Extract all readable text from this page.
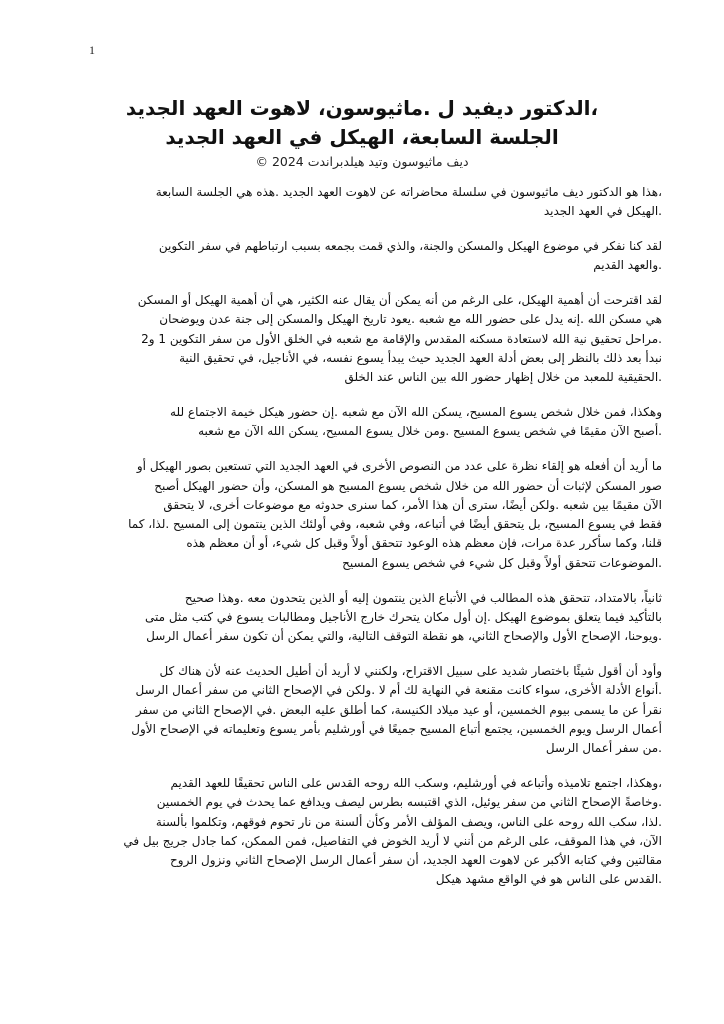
1

،الدكتور ديفيد ل .ماثيوسون، لاهوت العهد الجديد

الجلسة السابعة، الهيكل في العهد الجديد

ديف ماثيوسون وتيد هيلدبراندت 2024 ©

،هذا هو الدكتور ديف ماثيوسون في سلسلة محاضراته عن لاهوت العهد الجديد .هذه هي الجلسة السابعة
.الهيكل في العهد الجديد

لقد كنا نفكر في موضوع الهيكل والمسكن والجنة، والذي قمت بجمعه بسبب ارتباطهم في سفر التكوين
.والعهد القديم

لقد اقترحت أن أهمية الهيكل، على الرغم من أنه يمكن أن يقال عنه الكثير، هي أن أهمية الهيكل أو المسكن
هي مسكن الله .إنه يدل على حضور الله مع شعبه .يعود تاريخ الهيكل والمسكن إلى جنة عدن ويوضحان
.مراحل تحقيق نية الله لاستعادة مسكنه المقدس والإقامة مع شعبه في الخلق الأول من سفر التكوين 1 و2
نبدأ بعد ذلك بالنظر إلى بعض أدلة العهد الجديد حيث يبدأ يسوع نفسه، في الأناجيل، في تحقيق النية
.الحقيقية للمعبد من خلال إظهار حضور الله بين الناس عند الخلق

وهكذا، فمن خلال شخص يسوع المسيح، يسكن الله الآن مع شعبه .إن حضور هيكل خيمة الاجتماع لله
.أصبح الآن مقيمًا في شخص يسوع المسيح .ومن خلال يسوع المسيح، يسكن الله الآن مع شعبه

ما أريد أن أفعله هو إلقاء نظرة على عدد من النصوص الأخرى في العهد الجديد التي تستعين بصور الهيكل أو
صور المسكن لإثبات أن حضور الله من خلال شخص يسوع المسيح هو المسكن، وأن حضور الهيكل أصبح
الآن مقيمًا بين شعبه .ولكن أيضًا، سترى أن هذا الأمر، كما سنرى حدوثه مع موضوعات أخرى، لا يتحقق
فقط في يسوع المسيح، بل يتحقق أيضًا في أتباعه، وفي شعبه، وفي أولئك الذين ينتمون إلى المسيح .لذا، كما
قلنا، وكما سأكرر عدة مرات، فإن معظم هذه الوعود تتحقق أولاً وقبل كل شيء، أو أن معظم هذه
.الموضوعات تتحقق أولاً وقبل كل شيء في شخص يسوع المسيح

ثانياً، بالامتداد، تتحقق هذه المطالب في الأتباع الذين ينتمون إليه أو الذين يتحدون معه .وهذا صحيح
بالتأكيد فيما يتعلق بموضوع الهيكل .إن أول مكان يتحرك خارج الأناجيل ومطالبات يسوع في كتب مثل متى
.ويوحنا، الإصحاح الأول والإصحاح الثاني، هو نقطة التوقف التالية، والتي يمكن أن تكون سفر أعمال الرسل

وأود أن أقول شيئًا باختصار شديد على سبيل الاقتراح، ولكنني لا أريد أن أطيل الحديث عنه لأن هناك كل
.أنواع الأدلة الأخرى، سواء كانت مقنعة في النهاية لك أم لا .ولكن في الإصحاح الثاني من سفر أعمال الرسل
نقرأ عن ما يسمى بيوم الخمسين، أو عيد ميلاد الكنيسة، كما أطلق عليه البعض .في الإصحاح الثاني من سفر
أعمال الرسل ويوم الخمسين، يجتمع أتباع المسيح جميعًا في أورشليم بأمر يسوع وتعليماته في الإصحاح الأول
.من سفر أعمال الرسل

،وهكذا، اجتمع تلاميذه وأتباعه في أورشليم، وسكب الله روحه القدس على الناس تحقيقًا للعهد القديم
.وخاصةً الإصحاح الثاني من سفر يوئيل، الذي اقتبسه بطرس ليصف ويدافع عما يحدث في يوم الخمسين
.لذا، سكب الله روحه على الناس، ويصف المؤلف الأمر وكأن ألسنة من نار تحوم فوقهم، وتكلموا بألسنة
الآن، في هذا الموقف، على الرغم من أنني لا أريد الخوض في التفاصيل، فمن الممكن، كما جادل جريج بيل في
مقالتين وفي كتابه الأكبر عن لاهوت العهد الجديد، أن سفر أعمال الرسل الإصحاح الثاني ونزول الروح
.القدس على الناس هو في الواقع مشهد هيكل
